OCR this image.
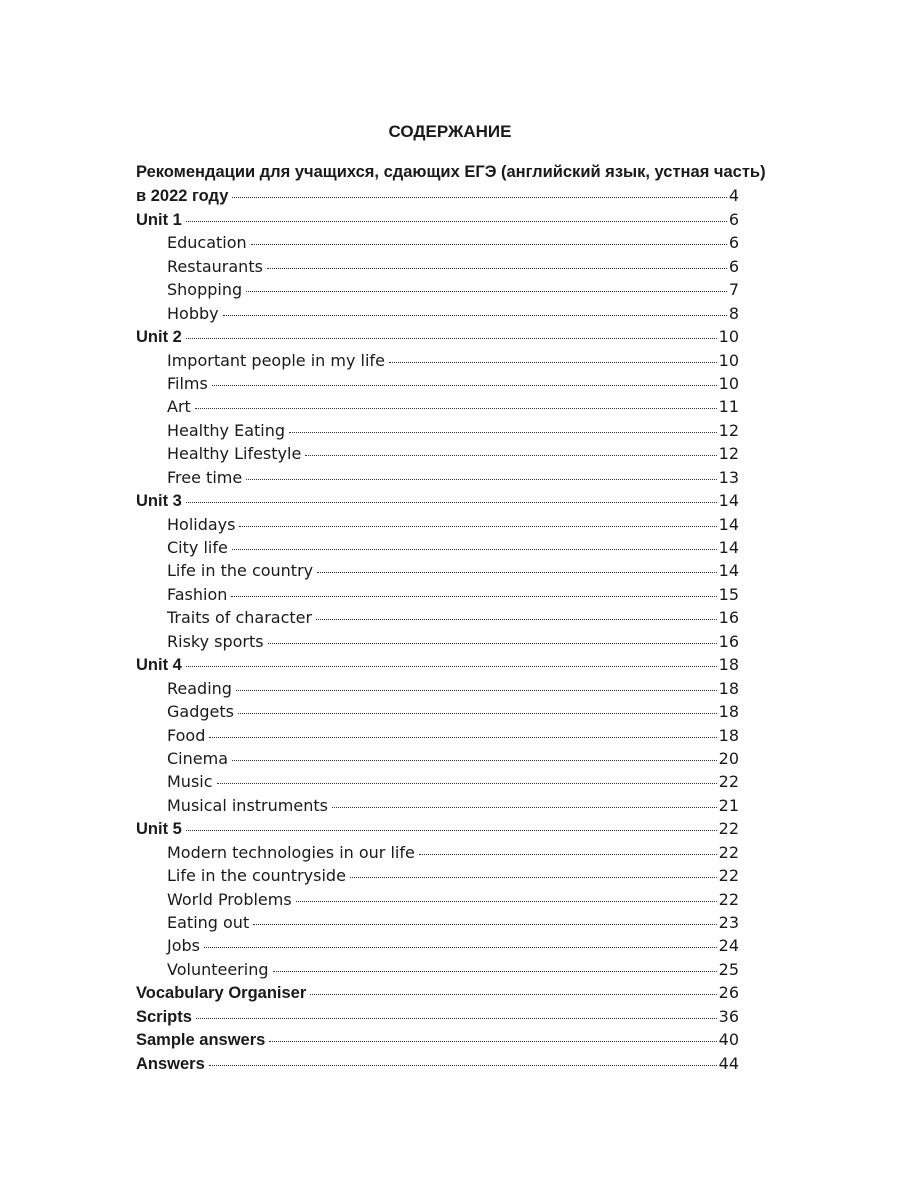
СОДЕРЖАНИЕ
Рекомендации для учащихся, сдающих ЕГЭ (английский язык, устная часть)
в 2022 году	4
Unit 1	6
Education	6
Restaurants	6
Shopping	7
Hobby	8
Unit 2	10
Important people in my life	10
Films	10
Art	11
Healthy Eating	12
Healthy Lifestyle	12
Free time	13
Unit 3	14
Holidays	14
City life	14
Life in the country	14
Fashion	15
Traits of character	16
Risky sports	16
Unit 4	18
Reading	18
Gadgets	18
Food	18
Cinema	20
Music	22
Musical instruments	21
Unit 5	22
Modern technologies in our life	22
Life in the countryside	22
World Problems	22
Eating out	23
Jobs	24
Volunteering	25
Vocabulary Organiser	26
Scripts	36
Sample answers	40
Answers	44
